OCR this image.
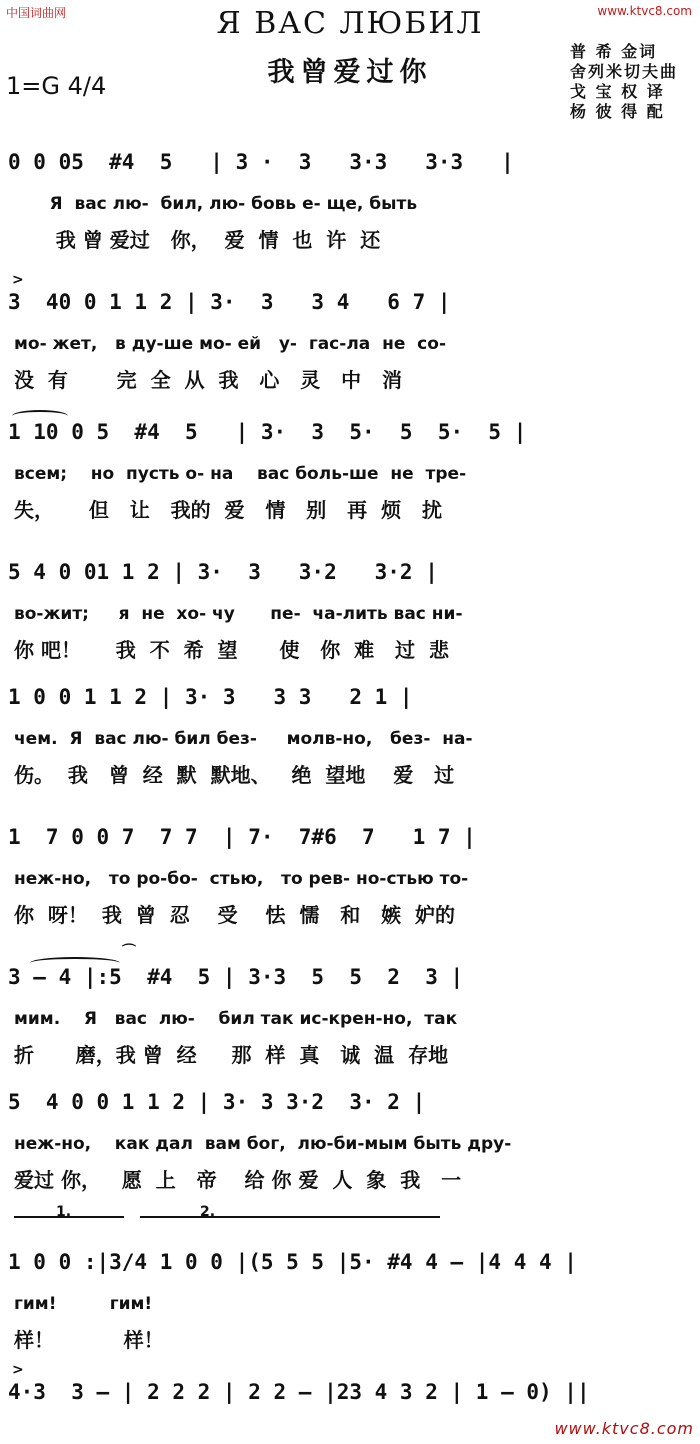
中国词曲网	www.ktvc8.com
www.ktvc8.com
Я ВАС ЛЮБИЛ
我曾爱过你
1=G 4/4
普 希 金词
舍列米切夫曲
戈 宝 权 译
杨 彼 得 配
0 0 05  #4  5   | 3 ·  3   3·3   3·3   |
Я  вас лю-  бил, лю- бовь е- ще, быть
我 曾 爱过   你，  爱  情  也  许  还
>
3  40 0 1 1 2 | 3·  3   3 4   6 7 |
мо- жет,   в ду-ше мо- ей   у-  гас-ла  не  со-
没  有       完  全  从  我   心   灵   中   消
1 10 0 5  #4  5   | 3·  3  5·  5  5·  5 |
всем;    но  пусть о- на    вас боль-ше  не  тре-
失，     但   让   我的  爱   情   别   再  烦   扰
5 4 0 01 1 2 | 3·  3   3·2   3·2 |
во-жит;     я  не  хо- чу      пе-  ча-лить вас ни-
你 吧！     我  不  希  望      使   你  难   过  悲
1 0 0 1 1 2 | 3· 3   3 3   2 1 |
чем.  Я  вас лю- бил без-     молв-но,   без-  на-
伤。  我   曾  经  默  默地、   绝  望地    爱   过
1  7 0 0 7  7 7  | 7·  7#6  7   1 7 |
неж-но,   то ро-бо-  стью,   то рев- но-стью то-
你  呀！  我  曾  忍    受    怯  懦   和   嫉  妒的
⌒
3 — 4 |:5  #4  5 | 3·3  5  5  2  3 |
мим.    Я   вас  лю-    бил так ис-крен-но,  так
折      磨，我 曾  经     那  样  真   诚  温  存地
5  4 0 0 1 1 2 | 3· 3 3·2  3· 2 |
неж-но,    как дал  вам бог,  лю-би-мым быть дру-
爱过 你，   愿  上   帝    给 你 爱  人  象  我   一
1.	2.
1 0 0 :|3/4 1 0 0 |(5 5 5 |5· #4 4 — |4 4 4 |
гим!         гим!
样！          样！
>
4·3  3 — | 2 2 2 | 2 2 — |23 4 3 2 | 1 — 0) ||
